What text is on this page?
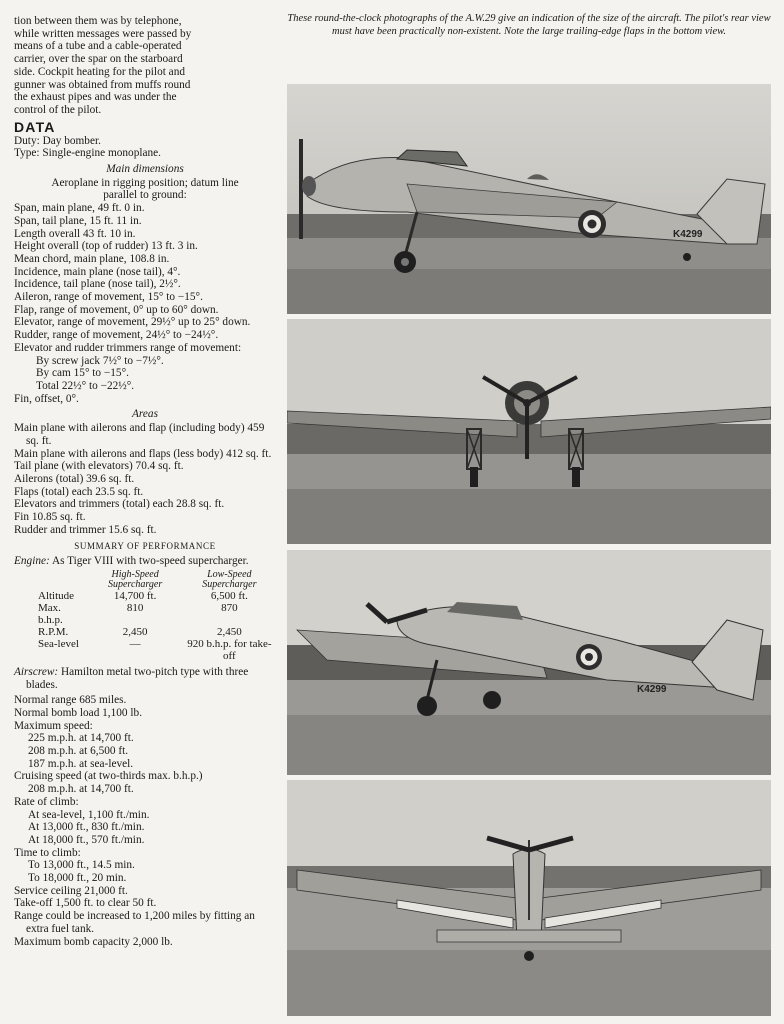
tion between them was by telephone,
while written messages were passed by
means of a tube and a cable-operated
carrier, over the spar on the starboard
side. Cockpit heating for the pilot and
gunner was obtained from muffs round
the exhaust pipes and was under the
control of the pilot.

DATA

Duty: Day bomber.

Type: Single-engine monoplane.

Main dimensions

Aeroplane in rigging position; datum line
parallel to ground:

Span, main plane, 49 ft. 0 in.

Span, tail plane, 15 ft. 11 in.

Length overall 43 ft. 10 in.

Height overall (top of rudder) 13 ft. 3 in.

Mean chord, main plane, 108.8 in.

Incidence, main plane (nose tail), 4°.

Incidence, tail plane (nose tail), 2½°.

Aileron, range of movement, 15° to −15°.

Flap, range of movement, 0° up to 60° down.

Elevator, range of movement, 29½° up to 25° down.

Rudder, range of movement, 24½° to −24½°.

Elevator and rudder trimmers range of movement:

By screw jack 7½° to −7½°.

By cam 15° to −15°.

Total 22½° to −22½°.

Fin, offset, 0°.

Areas

Main plane with ailerons and flap (including body) 459 sq. ft.

Main plane with ailerons and flaps (less body) 412 sq. ft.

Tail plane (with elevators) 70.4 sq. ft.

Ailerons (total) 39.6 sq. ft.

Flaps (total) each 23.5 sq. ft.

Elevators and trimmers (total) each 28.8 sq. ft.

Fin 10.85 sq. ft.

Rudder and trimmer 15.6 sq. ft.

SUMMARY OF PERFORMANCE

Engine: As Tiger VIII with two-speed supercharger.

	High-Speed Supercharger	Low-Speed Supercharger
Altitude	14,700 ft.	6,500 ft.
Max. b.h.p.	810	870
R.P.M.	2,450	2,450
Sea-level	—	920 b.h.p. for take-off

Airscrew: Hamilton metal two-pitch type with three blades.

Normal range 685 miles.

Normal bomb load 1,100 lb.

Maximum speed:

225 m.p.h. at 14,700 ft.

208 m.p.h. at 6,500 ft.

187 m.p.h. at sea-level.

Cruising speed (at two-thirds max. b.h.p.)

208 m.p.h. at 14,700 ft.

Rate of climb:

At sea-level, 1,100 ft./min.

At 13,000 ft., 830 ft./min.

At 18,000 ft., 570 ft./min.

Time to climb:

To 13,000 ft., 14.5 min.

To 18,000 ft., 20 min.

Service ceiling 21,000 ft.

Take-off 1,500 ft. to clear 50 ft.

Range could be increased to 1,200 miles by fitting an extra fuel tank.

Maximum bomb capacity 2,000 lb.

These round-the-clock photographs of the A.W.29 give an indication of the size of the aircraft. The pilot's rear view must have been practically non-existent. Note the large trailing-edge flaps in the bottom view.

K4299
K4299
